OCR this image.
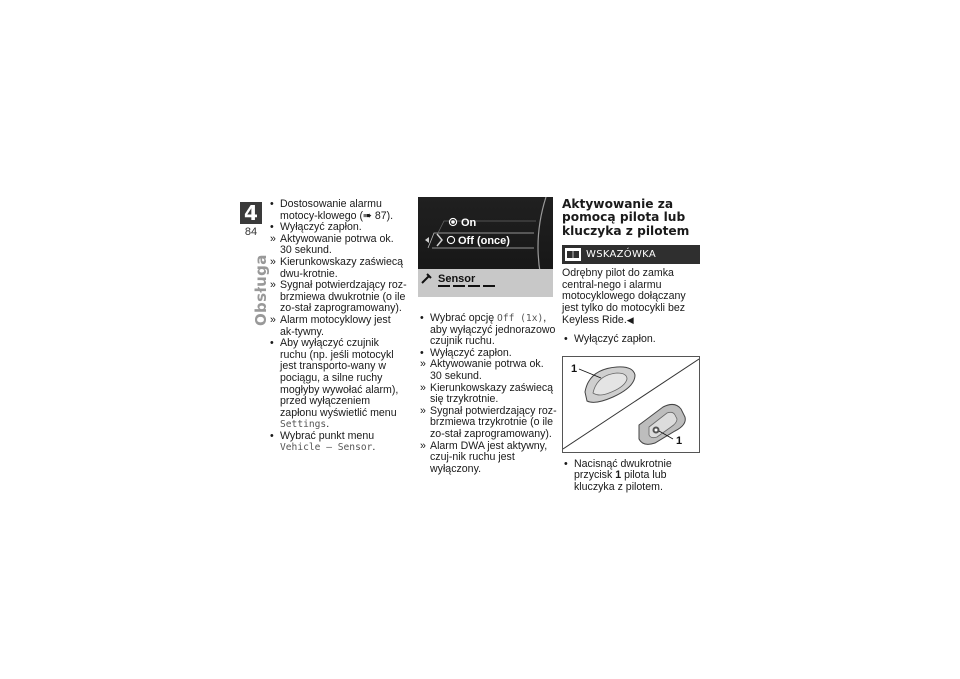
4
84
Obsługa

• Dostosowanie alarmu motocy-klowego (➠ 87).

• Wyłączyć zapłon.

» Aktywowanie potrwa ok.
30 sekund.

» Kierunkowskazy zaświecą dwu-krotnie.

» Sygnał potwierdzający roz-brzmiewa dwukrotnie (o ile zo-stał zaprogramowany).

» Alarm motocyklowy jest ak-tywny.

• Aby wyłączyć czujnik ruchu (np. jeśli motocykl jest transporto-wany w pociągu, a silne ruchy mogłyby wywołać alarm), przed wyłączeniem zapłonu wyświetlić menu Settings.

• Wybrać punkt menu Vehicle – Sensor.

On
Off (once)
Sensor

• Wybrać opcję Off (1x), aby wyłączyć jednorazowo czujnik ruchu.

• Wyłączyć zapłon.

» Aktywowanie potrwa ok.
30 sekund.

» Kierunkowskazy zaświecą się trzykrotnie.

» Sygnał potwierdzający roz-brzmiewa trzykrotnie (o ile zo-stał zaprogramowany).

» Alarm DWA jest aktywny, czuj-nik ruchu jest wyłączony.

Aktywowanie za pomocą pilota lub kluczyka z pilotem
WSKAZÓWKA

Odrębny pilot do zamka central-nego i alarmu motocyklowego dołączany jest tylko do motocykli bez Keyless Ride.◀

• Wyłączyć zapłon.

1
1

• Nacisnąć dwukrotnie przycisk 1 pilota lub kluczyka z pilotem.
